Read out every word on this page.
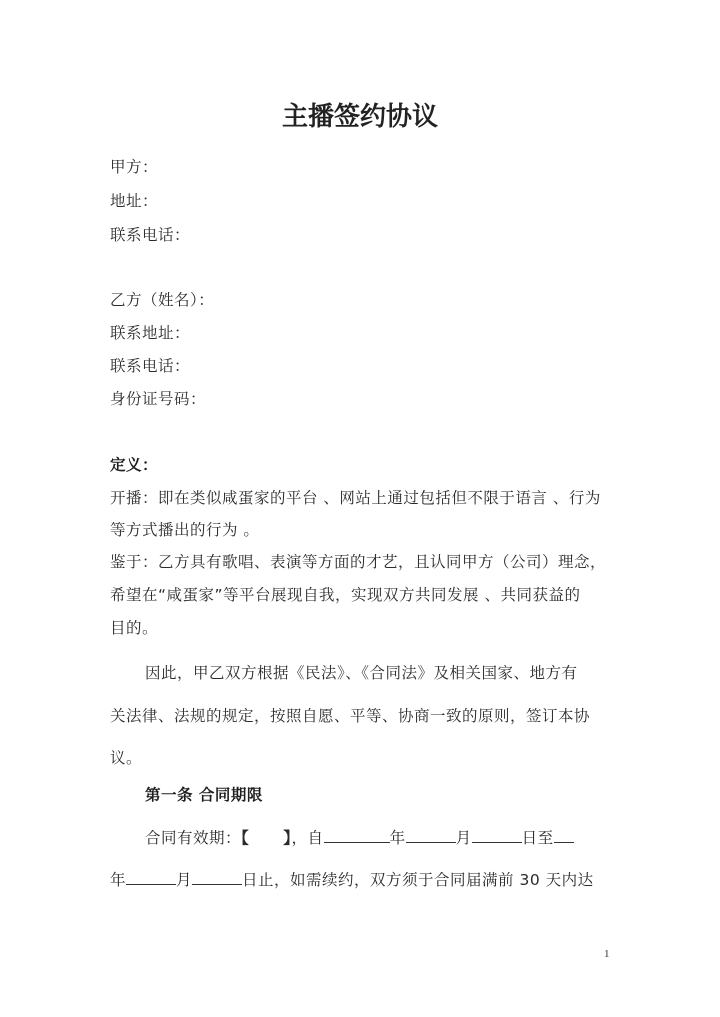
主播签约协议
甲方：
地址：
联系电话：
乙方（姓名）：
联系地址：
联系电话：
身份证号码：
定义：
开播：即在类似咸蛋家的平台 、网站上通过包括但不限于语言 、行为
等方式播出的行为 。
鉴于：乙方具有歌唱、表演等方面的才艺，且认同甲方（公司）理念，
希望在“咸蛋家”等平台展现自我，实现双方共同发展 、共同获益的
目的。
因此，甲乙双方根据《民法》、《合同法》及相关国家、地方有
关法律、法规的规定，按照自愿、平等、协商一致的原则，签订本协
议。
第一条 合同期限
合同有效期：【 】，自	年	月	日至
年	月	日止，如需续约，双方须于合同届满前 30 天内达
1
